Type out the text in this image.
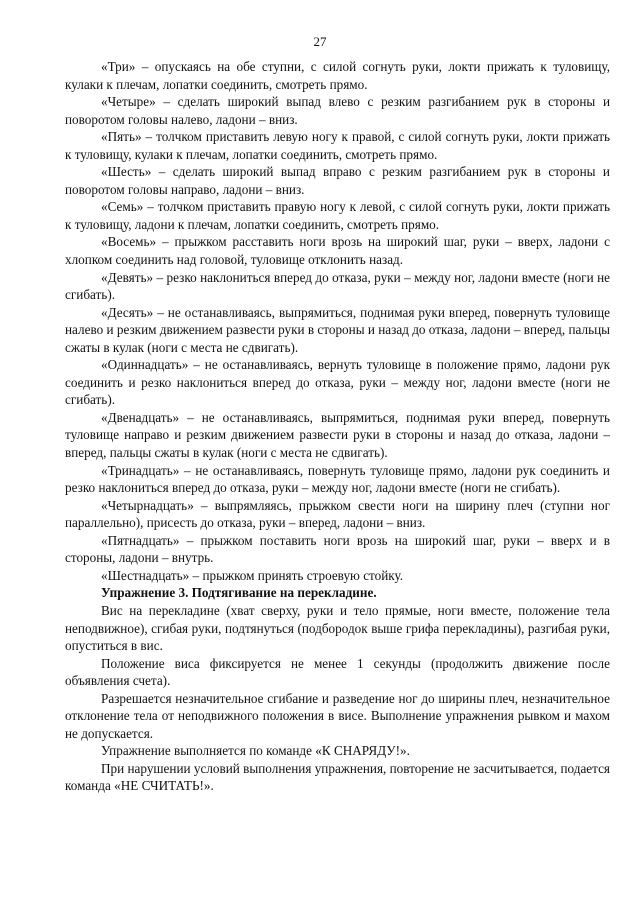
27

«Три» – опускаясь на обе ступни, с силой согнуть руки, локти прижать к туловищу, кулаки к плечам, лопатки соединить, смотреть прямо.

«Четыре» – сделать широкий выпад влево с резким разгибанием рук в стороны и поворотом головы налево, ладони – вниз.

«Пять» – толчком приставить левую ногу к правой, с силой согнуть руки, локти прижать к туловищу, кулаки к плечам, лопатки соединить, смотреть прямо.

«Шесть» – сделать широкий выпад вправо с резким разгибанием рук в стороны и поворотом головы направо, ладони – вниз.

«Семь» – толчком приставить правую ногу к левой, с силой согнуть руки, локти прижать к туловищу, ладони к плечам, лопатки соединить, смотреть прямо.

«Восемь» – прыжком расставить ноги врозь на широкий шаг, руки – вверх, ладони с хлопком соединить над головой, туловище отклонить назад.

«Девять» – резко наклониться вперед до отказа, руки – между ног, ладони вместе (ноги не сгибать).

«Десять» – не останавливаясь, выпрямиться, поднимая руки вперед, повернуть туловище налево и резким движением развести руки в стороны и назад до отказа, ладони – вперед, пальцы сжаты в кулак (ноги с места не сдвигать).

«Одиннадцать» – не останавливаясь, вернуть туловище в положение прямо, ладони рук соединить и резко наклониться вперед до отказа, руки – между ног, ладони вместе (ноги не сгибать).

«Двенадцать» – не останавливаясь, выпрямиться, поднимая руки вперед, повернуть туловище направо и резким движением развести руки в стороны и назад до отказа, ладони – вперед, пальцы сжаты в кулак (ноги с места не сдвигать).

«Тринадцать» – не останавливаясь, повернуть туловище прямо, ладони рук соединить и резко наклониться вперед до отказа, руки – между ног, ладони вместе (ноги не сгибать).

«Четырнадцать» – выпрямляясь, прыжком свести ноги на ширину плеч (ступни ног параллельно), присесть до отказа, руки – вперед, ладони – вниз.

«Пятнадцать» – прыжком поставить ноги врозь на широкий шаг, руки – вверх и в стороны, ладони – внутрь.

«Шестнадцать» – прыжком принять строевую стойку.

Упражнение 3. Подтягивание на перекладине.

Вис на перекладине (хват сверху, руки и тело прямые, ноги вместе, положение тела неподвижное), сгибая руки, подтянуться (подбородок выше грифа перекладины), разгибая руки, опуститься в вис.

Положение виса фиксируется не менее 1 секунды (продолжить движение после объявления счета).

Разрешается незначительное сгибание и разведение ног до ширины плеч, незначительное отклонение тела от неподвижного положения в висе. Выполнение упражнения рывком и махом не допускается.

Упражнение выполняется по команде «К СНАРЯДУ!».

При нарушении условий выполнения упражнения, повторение не засчитывается, подается команда «НЕ СЧИТАТЬ!».
